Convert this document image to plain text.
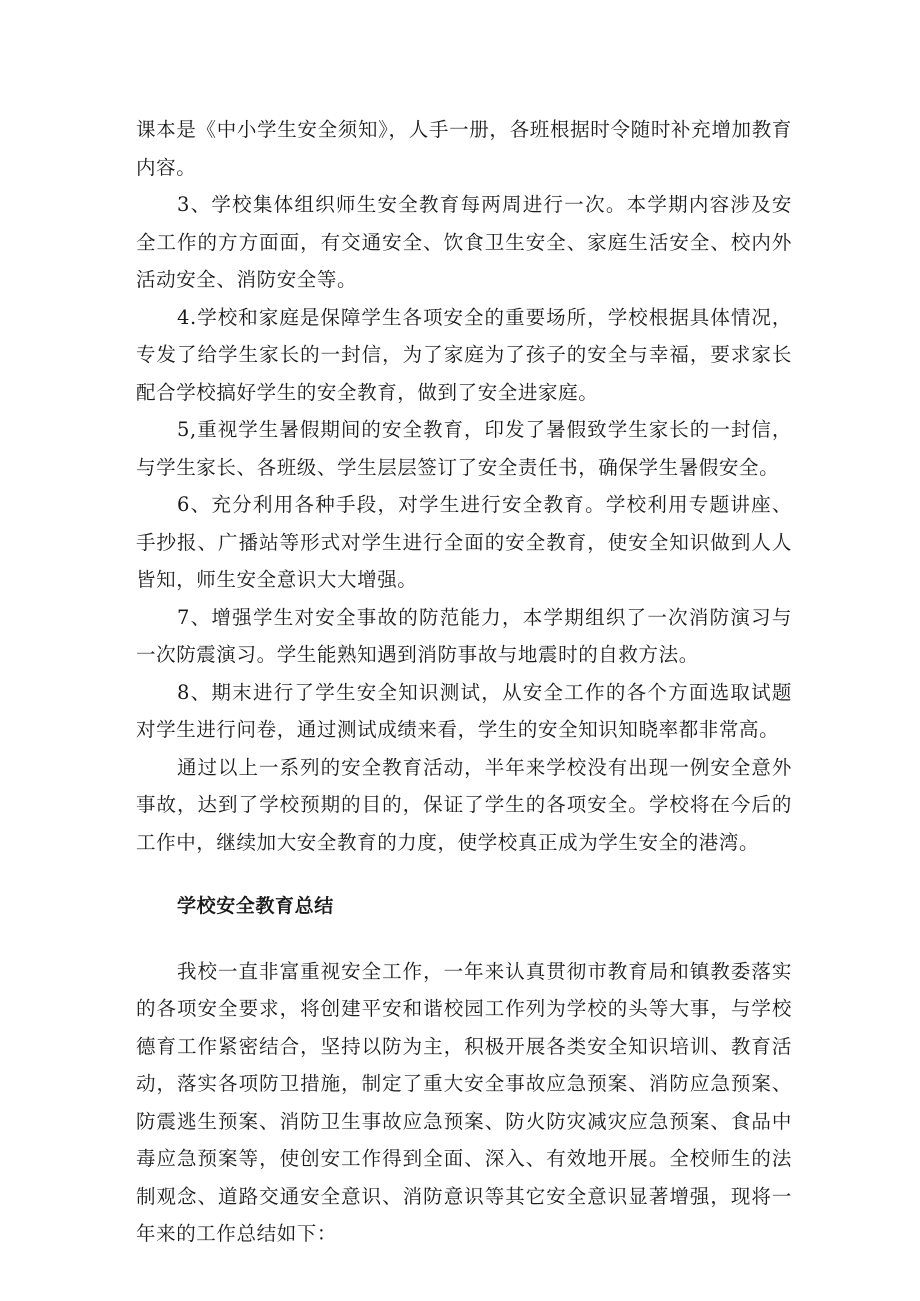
课本是《中小学生安全须知》，人手一册，各班根据时令随时补充增加教育内容。

3、学校集体组织师生安全教育每两周进行一次。本学期内容涉及安全工作的方方面面，有交通安全、饮食卫生安全、家庭生活安全、校内外活动安全、消防安全等。

4.学校和家庭是保障学生各项安全的重要场所，学校根据具体情况，专发了给学生家长的一封信，为了家庭为了孩子的安全与幸福，要求家长配合学校搞好学生的安全教育，做到了安全进家庭。

5,重视学生暑假期间的安全教育，印发了暑假致学生家长的一封信，与学生家长、各班级、学生层层签订了安全责任书，确保学生暑假安全。

6、充分利用各种手段，对学生进行安全教育。学校利用专题讲座、手抄报、广播站等形式对学生进行全面的安全教育，使安全知识做到人人皆知，师生安全意识大大增强。

7、增强学生对安全事故的防范能力，本学期组织了一次消防演习与一次防震演习。学生能熟知遇到消防事故与地震时的自救方法。

8、期末进行了学生安全知识测试，从安全工作的各个方面选取试题对学生进行问卷，通过测试成绩来看，学生的安全知识知晓率都非常高。

通过以上一系列的安全教育活动，半年来学校没有出现一例安全意外事故，达到了学校预期的目的，保证了学生的各项安全。学校将在今后的工作中，继续加大安全教育的力度，使学校真正成为学生安全的港湾。

学校安全教育总结

我校一直非富重视安全工作，一年来认真贯彻市教育局和镇教委落实的各项安全要求，将创建平安和谐校园工作列为学校的头等大事，与学校德育工作紧密结合，坚持以防为主，积极开展各类安全知识培训、教育活动，落实各项防卫措施，制定了重大安全事故应急预案、消防应急预案、防震逃生预案、消防卫生事故应急预案、防火防灾减灾应急预案、食品中毒应急预案等，使创安工作得到全面、深入、有效地开展。全校师生的法制观念、道路交通安全意识、消防意识等其它安全意识显著增强，现将一年来的工作总结如下：
